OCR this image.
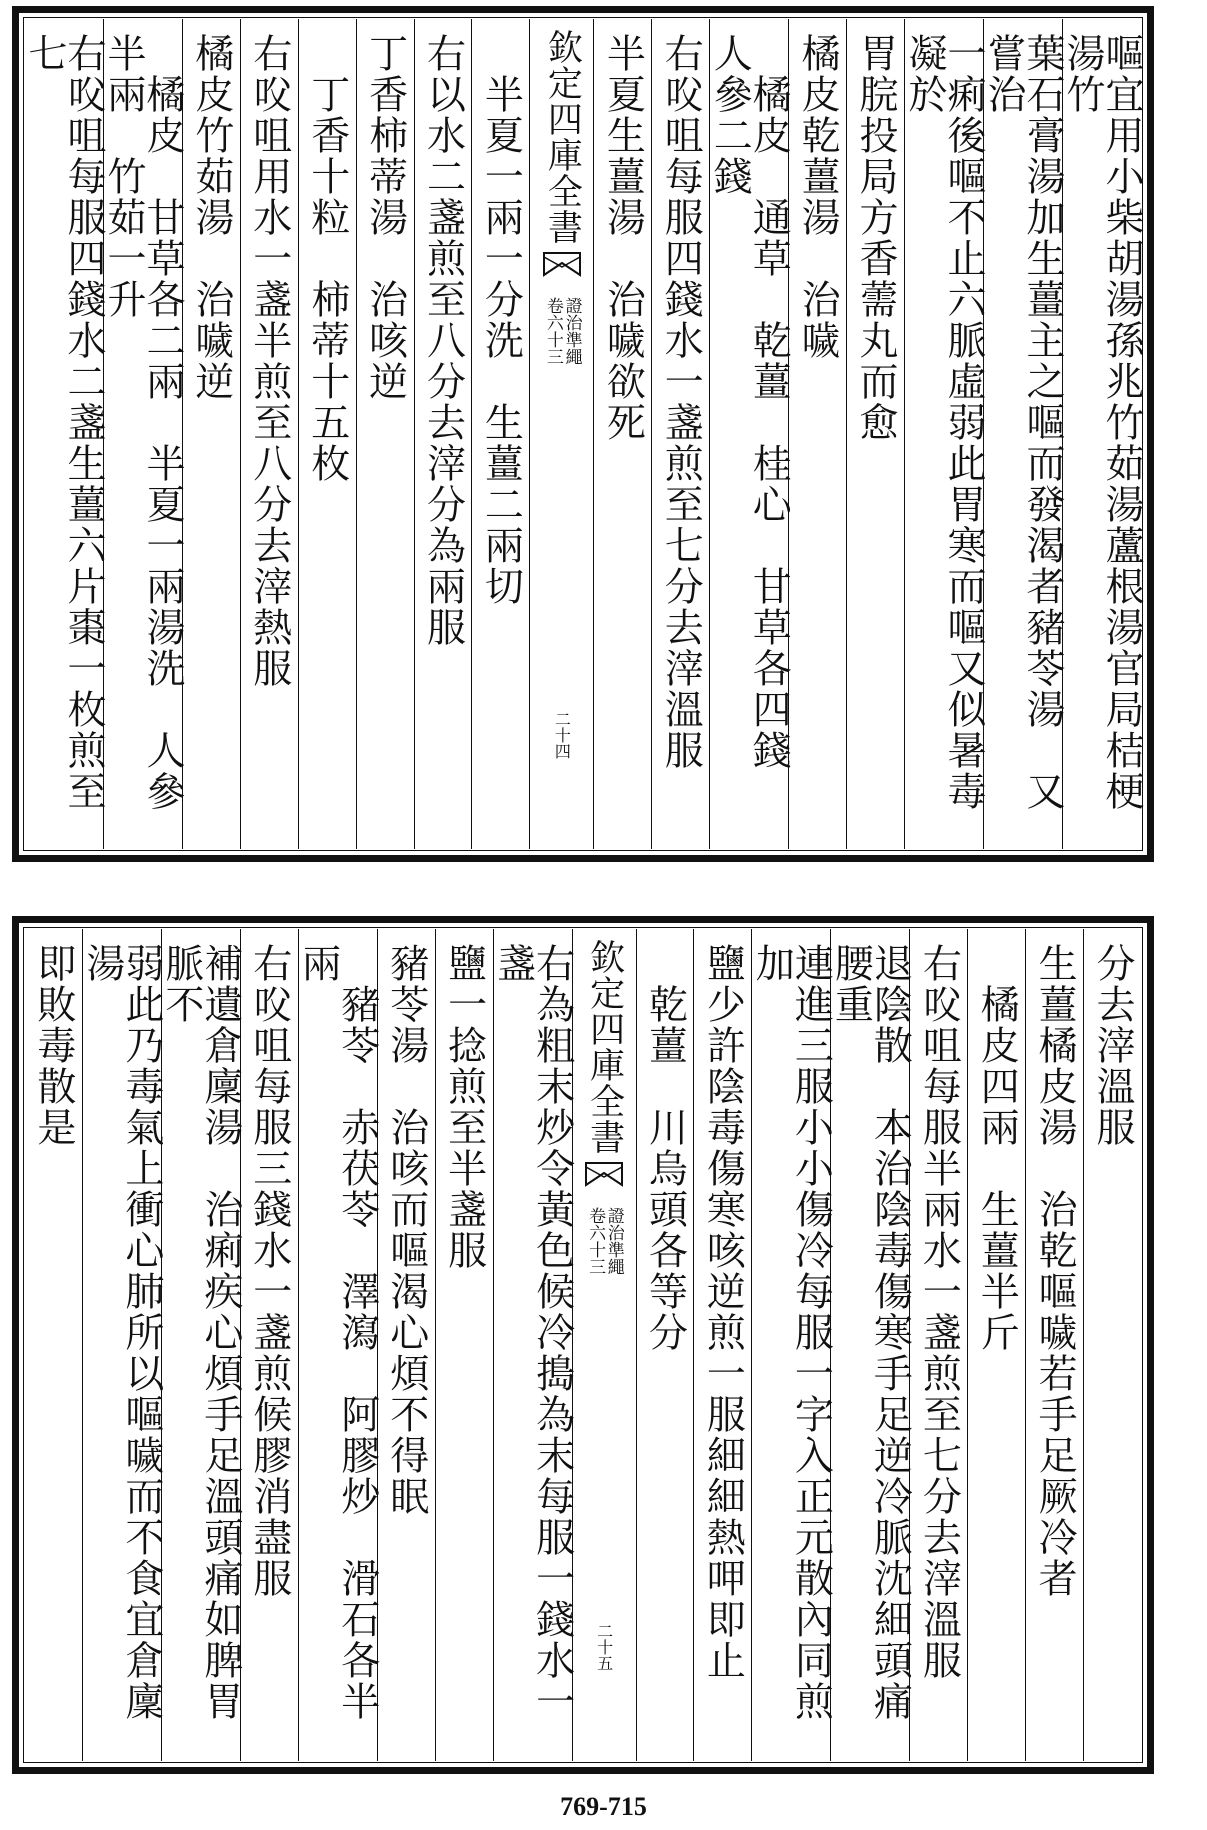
嘔宜用小柴胡湯孫兆竹茹湯蘆根湯官局桔梗湯竹
葉石膏湯加生薑主之嘔而發渴者豬苓湯　又嘗治
一痢後嘔不止六脈虛弱此胃寒而嘔又似暑毒凝於
胃脘投局方香薷丸而愈
橘皮乾薑湯　治噦
　橘皮　通草　乾薑　桂心　甘草各四錢　人參二錢
右㕮咀每服四錢水一盞煎至七分去滓溫服
半夏生薑湯　治噦欲死
欽定四庫全書
證治準繩
卷六十三
二十四
　半夏一兩一分洗　生薑二兩切
右以水二盞煎至八分去滓分為兩服
丁香柿蒂湯　治咳逆
　丁香十粒　柿蒂十五枚
右㕮咀用水一盞半煎至八分去滓熱服
橘皮竹茹湯　治噦逆
　橘皮　甘草各二兩　半夏一兩湯洗　人參半兩　竹茹一升
右㕮咀每服四錢水二盞生薑六片棗一枚煎至七
分去滓溫服
生薑橘皮湯　治乾嘔噦若手足厥冷者
　橘皮四兩　生薑半斤
右㕮咀每服半兩水一盞煎至七分去滓溫服
退陰散　本治陰毒傷寒手足逆冷脈沈細頭痛腰重
連進三服小小傷冷每服一字入正元散內同煎加
鹽少許陰毒傷寒咳逆煎一服細細熱呷即止
　乾薑　川烏頭各等分
欽定四庫全書
證治準繩
卷六十三
二十五
右為粗末炒令黃色候冷搗為末每服一錢水一盞
鹽一捻煎至半盞服
豬苓湯　治咳而嘔渴心煩不得眠
　豬苓　赤茯苓　澤瀉　阿膠炒　滑石各半兩
右㕮咀每服三錢水一盞煎候膠消盡服
補遺倉廩湯　治痢疾心煩手足溫頭痛如脾胃脈不
弱此乃毒氣上衝心肺所以嘔噦而不食宜倉廩湯
即敗毒散是
769-715
